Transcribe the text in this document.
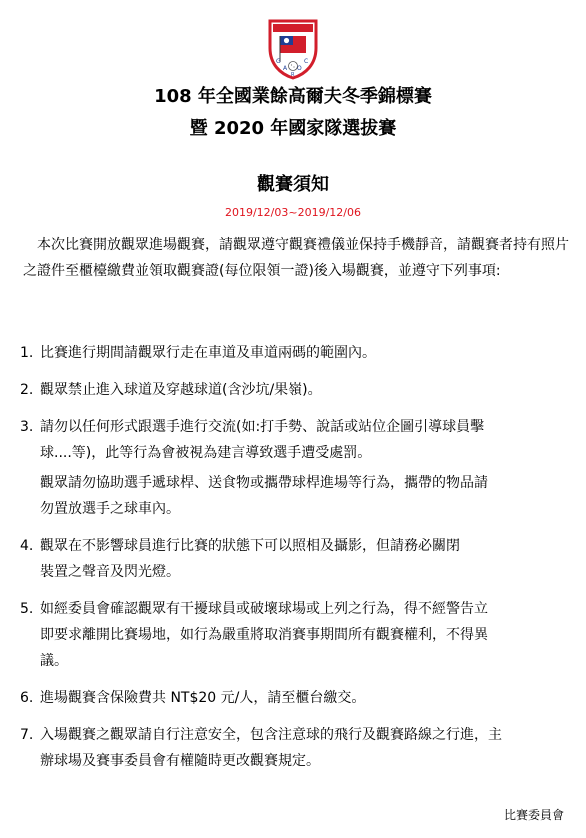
G	C
A O
R
108 年全國業餘高爾夫冬季錦標賽
暨 2020 年國家隊選拔賽
觀賽須知
2019/12/03~2019/12/06
本次比賽開放觀眾進場觀賽，請觀眾遵守觀賽禮儀並保持手機靜音，請觀賽者持有照片之證件至櫃檯繳費並領取觀賽證(每位限領一證)後入場觀賽，並遵守下列事項:
1. 比賽進行期間請觀眾行走在車道及車道兩碼的範圍內。
2. 觀眾禁止進入球道及穿越球道(含沙坑/果嶺)。
3. 請勿以任何形式跟選手進行交流(如:打手勢、說話或站位企圖引導球員擊
球....等)，此等行為會被視為建言導致選手遭受處罰。
觀眾請勿協助選手遞球桿、送食物或攜帶球桿進場等行為，攜帶的物品請
勿置放選手之球車內。
4. 觀眾在不影響球員進行比賽的狀態下可以照相及攝影，但請務必關閉
裝置之聲音及閃光燈。
5. 如經委員會確認觀眾有干擾球員或破壞球場或上列之行為，得不經警告立
即要求離開比賽場地，如行為嚴重將取消賽事期間所有觀賽權利，不得異
議。
6. 進場觀賽含保險費共 NT$20 元/人，請至櫃台繳交。
7. 入場觀賽之觀眾請自行注意安全，包含注意球的飛行及觀賽路線之行進，主
辦球場及賽事委員會有權隨時更改觀賽規定。
比賽委員會
